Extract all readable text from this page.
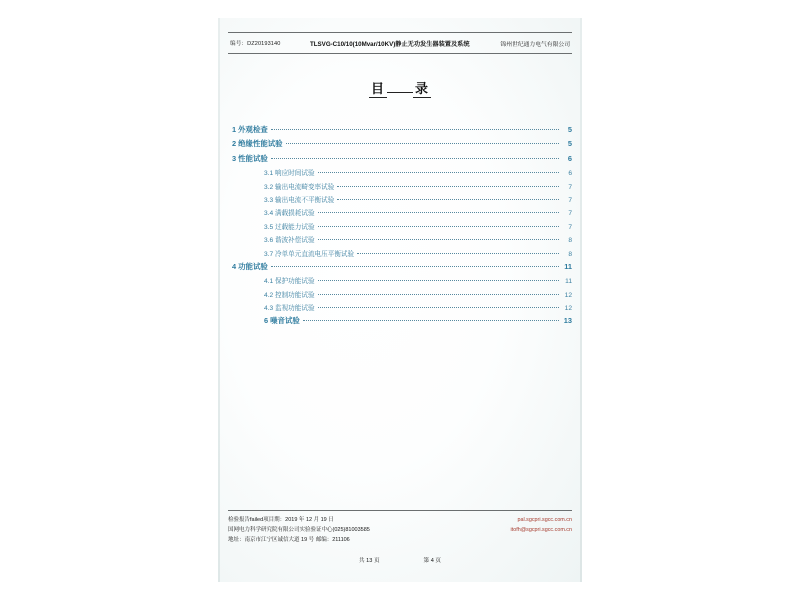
编号：DZ20193140	TLSVG-C10/10(10Mvar/10KV)静止无功发生器装置及系统	锦州世纪通力电气有限公司
目 录
1 外观检查	5
2 绝缘性能试验	5
3 性能试验	6
3.1 响应时间试验	6
3.2 输出电流畸变率试验	7
3.3 输出电流不平衡试验	7
3.4 满载损耗试验	7
3.5 过载能力试验	7
3.6 谐波补偿试验	8
3.7 冷单单元直流电压平衡试验	8
4 功能试验	11
4.1 保护功能试验	11
4.2 控制功能试验	12
4.3 监视功能试验	12
6 噪音试验	13
检验报告failed项目期：2019 年 12 月 19 日
国网电力科学研究院有限公司实验验证中心(025)81003585
地址：南京市江宁区诚信大道 19 号 邮编：211106
pal.sgcpri.sgcc.com.cn
itofh@sgcpri.sgcc.com.cn
共 13 页	第 4 页
